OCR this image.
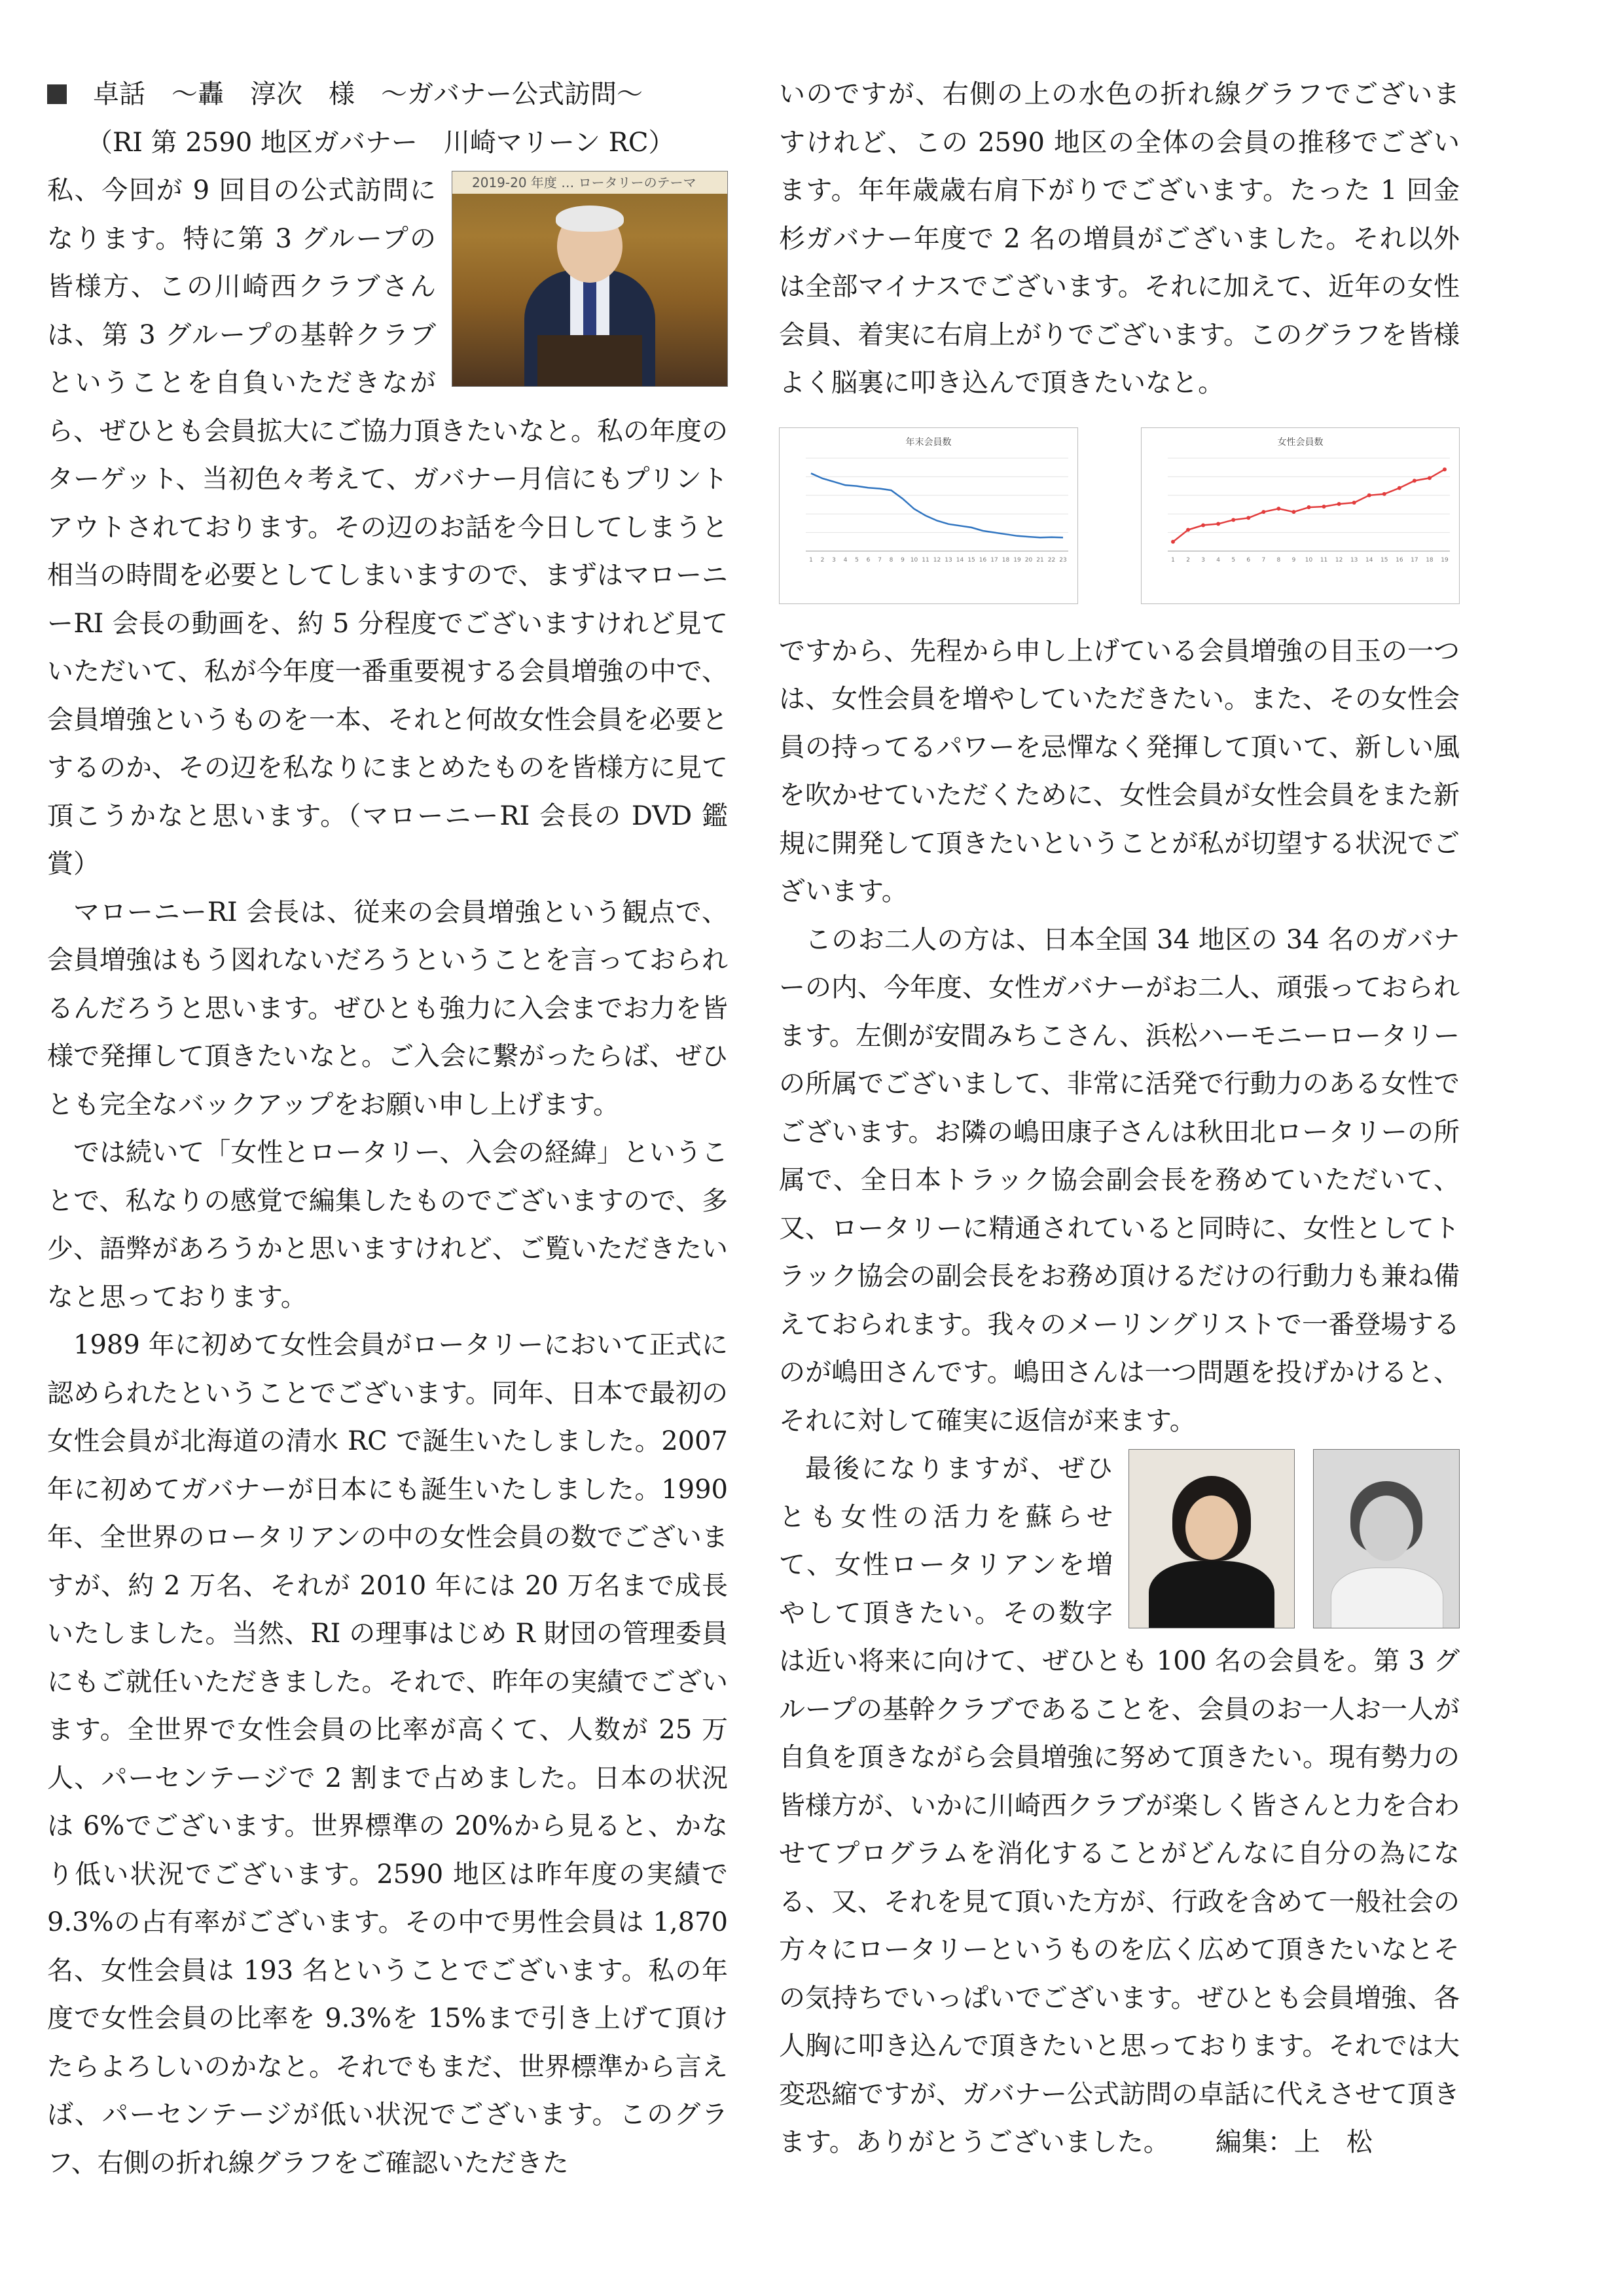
卓話　～轟　淳次　様　～ガバナー公式訪問～

（RI 第 2590 地区ガバナー　川崎マリーン RC）

2019-20 年度 … ロータリーのテーマ

私、今回が 9 回目の公式訪問になります。特に第 3 グループの皆様方、この川崎西クラブさんは、第 3 グループの基幹クラブということを自負いただきながら、ぜひとも会員拡大にご協力頂きたいなと。私の年度のターゲット、当初色々考えて、ガバナー月信にもプリントアウトされております。その辺のお話を今日してしまうと相当の時間を必要としてしまいますので、まずはマローニーRI 会長の動画を、約 5 分程度でございますけれど見ていただいて、私が今年度一番重要視する会員増強の中で、会員増強というものを一本、それと何故女性会員を必要とするのか、その辺を私なりにまとめたものを皆様方に見て頂こうかなと思います。（マローニーRI 会長の DVD 鑑賞）

マローニーRI 会長は、従来の会員増強という観点で、会員増強はもう図れないだろうということを言っておられるんだろうと思います。ぜひとも強力に入会までお力を皆様で発揮して頂きたいなと。ご入会に繋がったらば、ぜひとも完全なバックアップをお願い申し上げます。

では続いて「女性とロータリー、入会の経緯」ということで、私なりの感覚で編集したものでございますので、多少、語弊があろうかと思いますけれど、ご覧いただきたいなと思っております。

1989 年に初めて女性会員がロータリーにおいて正式に認められたということでございます。同年、日本で最初の女性会員が北海道の清水 RC で誕生いたしました。2007 年に初めてガバナーが日本にも誕生いたしました。1990 年、全世界のロータリアンの中の女性会員の数でございますが、約 2 万名、それが 2010 年には 20 万名まで成長いたしました。当然、RI の理事はじめ R 財団の管理委員にもご就任いただきました。それで、昨年の実績でございます。全世界で女性会員の比率が高くて、人数が 25 万人、パーセンテージで 2 割まで占めました。日本の状況は 6%でございます。世界標準の 20%から見ると、かなり低い状況でございます。2590 地区は昨年度の実績で 9.3%の占有率がございます。その中で男性会員は 1,870 名、女性会員は 193 名ということでございます。私の年度で女性会員の比率を 9.3%を 15%まで引き上げて頂けたらよろしいのかなと。それでもまだ、世界標準から言えば、パーセンテージが低い状況でございます。このグラフ、右側の折れ線グラフをご確認いただきた

いのですが、右側の上の水色の折れ線グラフでございますけれど、この 2590 地区の全体の会員の推移でございます。年年歳歳右肩下がりでございます。たった 1 回金杉ガバナー年度で 2 名の増員がございました。それ以外は全部マイナスでございます。それに加えて、近年の女性会員、着実に右肩上がりでございます。このグラフを皆様よく脳裏に叩き込んで頂きたいなと。

年末会員数
1 2 3 4 5 6 7 8 9 10 11 12 13 14 15 16 17 18 19 20 21 22 23
女性会員数
1 2 3 4 5 6 7 8 9 10 11 12 13 14 15 16 17 18 19

ですから、先程から申し上げている会員増強の目玉の一つは、女性会員を増やしていただきたい。また、その女性会員の持ってるパワーを忌憚なく発揮して頂いて、新しい風を吹かせていただくために、女性会員が女性会員をまた新規に開発して頂きたいということが私が切望する状況でございます。

このお二人の方は、日本全国 34 地区の 34 名のガバナーの内、今年度、女性ガバナーがお二人、頑張っておられます。左側が安間みちこさん、浜松ハーモニーロータリーの所属でございまして、非常に活発で行動力のある女性でございます。お隣の嶋田康子さんは秋田北ロータリーの所属で、全日本トラック協会副会長を務めていただいて、又、ロータリーに精通されていると同時に、女性としてトラック協会の副会長をお務め頂けるだけの行動力も兼ね備えておられます。我々のメーリングリストで一番登場するのが嶋田さんです。嶋田さんは一つ問題を投げかけると、それに対して確実に返信が来ます。

最後になりますが、ぜひとも女性の活力を蘇らせて、女性ロータリアンを増やして頂きたい。その数字は近い将来に向けて、ぜひとも 100 名の会員を。第 3 グループの基幹クラブであることを、会員のお一人お一人が自負を頂きながら会員増強に努めて頂きたい。現有勢力の皆様方が、いかに川崎西クラブが楽しく皆さんと力を合わせてプログラムを消化することがどんなに自分の為になる、又、それを見て頂いた方が、行政を含めて一般社会の方々にロータリーというものを広く広めて頂きたいなとその気持ちでいっぱいでございます。ぜひとも会員増強、各人胸に叩き込んで頂きたいと思っております。それでは大変恐縮ですが、ガバナー公式訪問の卓話に代えさせて頂きます。ありがとうございました。 編集：上　松
